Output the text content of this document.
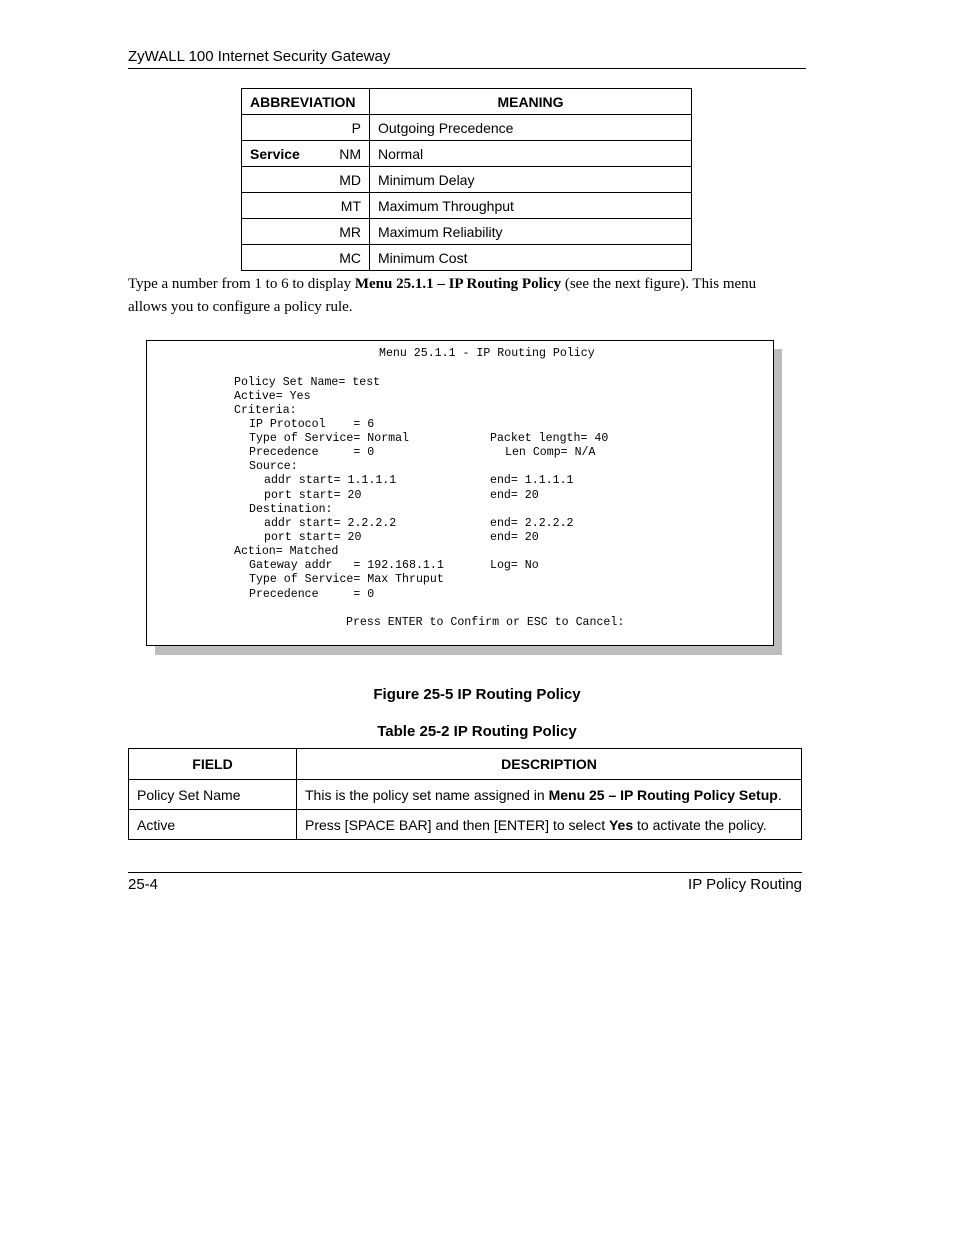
ZyWALL 100 Internet Security Gateway
ABBREVIATION	MEANING

P	Outgoing Precedence

Service NM	Normal

MD	Minimum Delay

MT	Maximum Throughput

MR	Maximum Reliability

MC	Minimum Cost
Type a number from 1 to 6 to display Menu 25.1.1 – IP Routing Policy (see the next figure). This menu allows you to configure a policy rule.
Menu 25.1.1 - IP Routing Policy
Policy Set Name= test
Active= Yes
Criteria:
IP Protocol    = 6
Type of Service= Normal	Packet length= 40
Precedence     = 0	Len Comp= N/A
Source:
addr start= 1.1.1.1	end= 1.1.1.1
port start= 20	end= 20
Destination:
addr start= 2.2.2.2	end= 2.2.2.2
port start= 20	end= 20
Action= Matched
Gateway addr   = 192.168.1.1	Log= No
Type of Service= Max Thruput
Precedence     = 0
Press ENTER to Confirm or ESC to Cancel:
Figure 25-5 IP Routing Policy
Table 25-2 IP Routing Policy
FIELD	DESCRIPTION
Policy Set Name	This is the policy set name assigned in Menu 25 – IP Routing Policy Setup.
Active	Press [SPACE BAR] and then [ENTER] to select Yes to activate the policy.
25-4	IP Policy Routing
